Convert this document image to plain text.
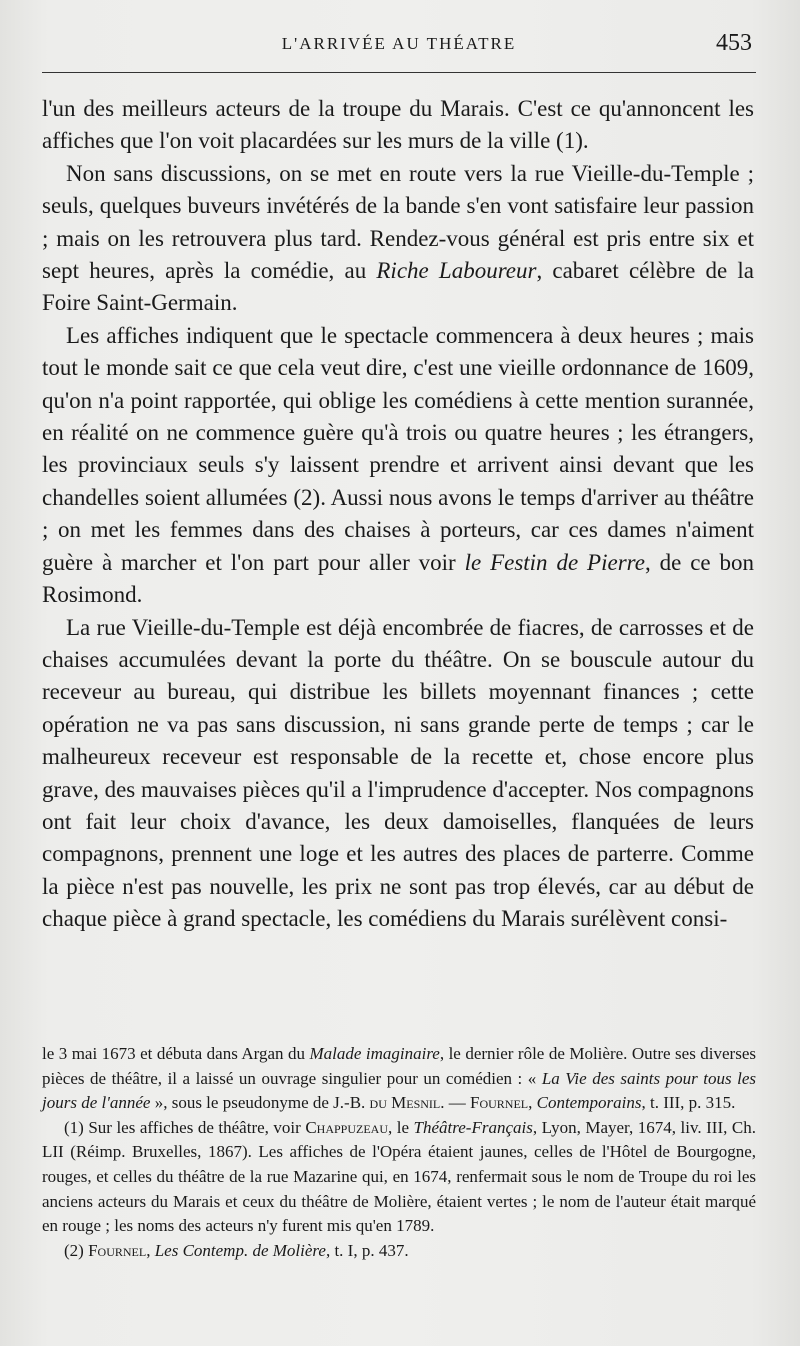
L'ARRIVÉE AU THÉATRE	453

l'un des meilleurs acteurs de la troupe du Marais. C'est ce qu'annoncent les affiches que l'on voit placardées sur les murs de la ville (1).

Non sans discussions, on se met en route vers la rue Vieille-du-Temple ; seuls, quelques buveurs invétérés de la bande s'en vont satisfaire leur passion ; mais on les retrouvera plus tard. Rendez-vous général est pris entre six et sept heures, après la comédie, au Riche Laboureur, cabaret célèbre de la Foire Saint-Germain.

Les affiches indiquent que le spectacle commencera à deux heures ; mais tout le monde sait ce que cela veut dire, c'est une vieille ordonnance de 1609, qu'on n'a point rapportée, qui oblige les comédiens à cette mention surannée, en réalité on ne commence guère qu'à trois ou quatre heures ; les étrangers, les provinciaux seuls s'y laissent prendre et arrivent ainsi devant que les chandelles soient allumées (2). Aussi nous avons le temps d'arriver au théâtre ; on met les femmes dans des chaises à porteurs, car ces dames n'aiment guère à marcher et l'on part pour aller voir le Festin de Pierre, de ce bon Rosimond.

La rue Vieille-du-Temple est déjà encombrée de fiacres, de carrosses et de chaises accumulées devant la porte du théâtre. On se bouscule autour du receveur au bureau, qui distribue les billets moyennant finances ; cette opération ne va pas sans discussion, ni sans grande perte de temps ; car le malheureux receveur est responsable de la recette et, chose encore plus grave, des mauvaises pièces qu'il a l'imprudence d'accepter. Nos compagnons ont fait leur choix d'avance, les deux damoiselles, flanquées de leurs compagnons, prennent une loge et les autres des places de parterre. Comme la pièce n'est pas nouvelle, les prix ne sont pas trop élevés, car au début de chaque pièce à grand spectacle, les comédiens du Marais surélèvent consi-

le 3 mai 1673 et débuta dans Argan du Malade imaginaire, le dernier rôle de Molière. Outre ses diverses pièces de théâtre, il a laissé un ouvrage singulier pour un comédien : « La Vie des saints pour tous les jours de l'année », sous le pseudonyme de J.-B. du Mesnil. — Fournel, Contemporains, t. III, p. 315.

(1) Sur les affiches de théâtre, voir Chappuzeau, le Théâtre-Français, Lyon, Mayer, 1674, liv. III, Ch. LII (Réimp. Bruxelles, 1867). Les affiches de l'Opéra étaient jaunes, celles de l'Hôtel de Bourgogne, rouges, et celles du théâtre de la rue Mazarine qui, en 1674, renfermait sous le nom de Troupe du roi les anciens acteurs du Marais et ceux du théâtre de Molière, étaient vertes ; le nom de l'auteur était marqué en rouge ; les noms des acteurs n'y furent mis qu'en 1789.

(2) Fournel, Les Contemp. de Molière, t. I, p. 437.
